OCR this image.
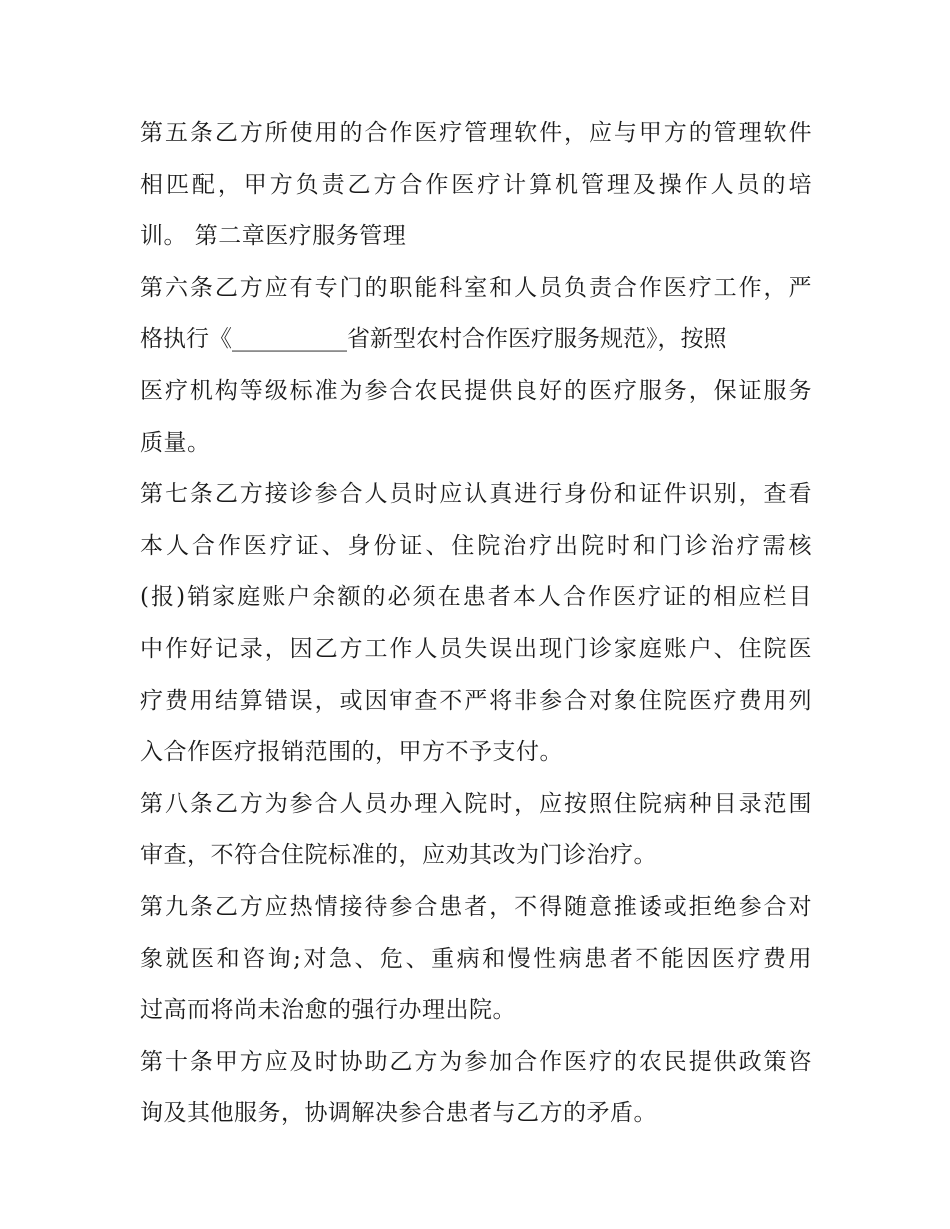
第五条乙方所使用的合作医疗管理软件，应与甲方的管理软件
相匹配，甲方负责乙方合作医疗计算机管理及操作人员的培
训。 第二章医疗服务管理
第六条乙方应有专门的职能科室和人员负责合作医疗工作，严
格执行《__________省新型农村合作医疗服务规范》，按照
医疗机构等级标准为参合农民提供良好的医疗服务，保证服务
质量。
第七条乙方接诊参合人员时应认真进行身份和证件识别，查看
本人合作医疗证、身份证、住院治疗出院时和门诊治疗需核
(报)销家庭账户余额的必须在患者本人合作医疗证的相应栏目
中作好记录，因乙方工作人员失误出现门诊家庭账户、住院医
疗费用结算错误，或因审查不严将非参合对象住院医疗费用列
入合作医疗报销范围的，甲方不予支付。
第八条乙方为参合人员办理入院时，应按照住院病种目录范围
审查，不符合住院标准的，应劝其改为门诊治疗。
第九条乙方应热情接待参合患者，不得随意推诿或拒绝参合对
象就医和咨询;对急、危、重病和慢性病患者不能因医疗费用
过高而将尚未治愈的强行办理出院。
第十条甲方应及时协助乙方为参加合作医疗的农民提供政策咨
询及其他服务，协调解决参合患者与乙方的矛盾。
